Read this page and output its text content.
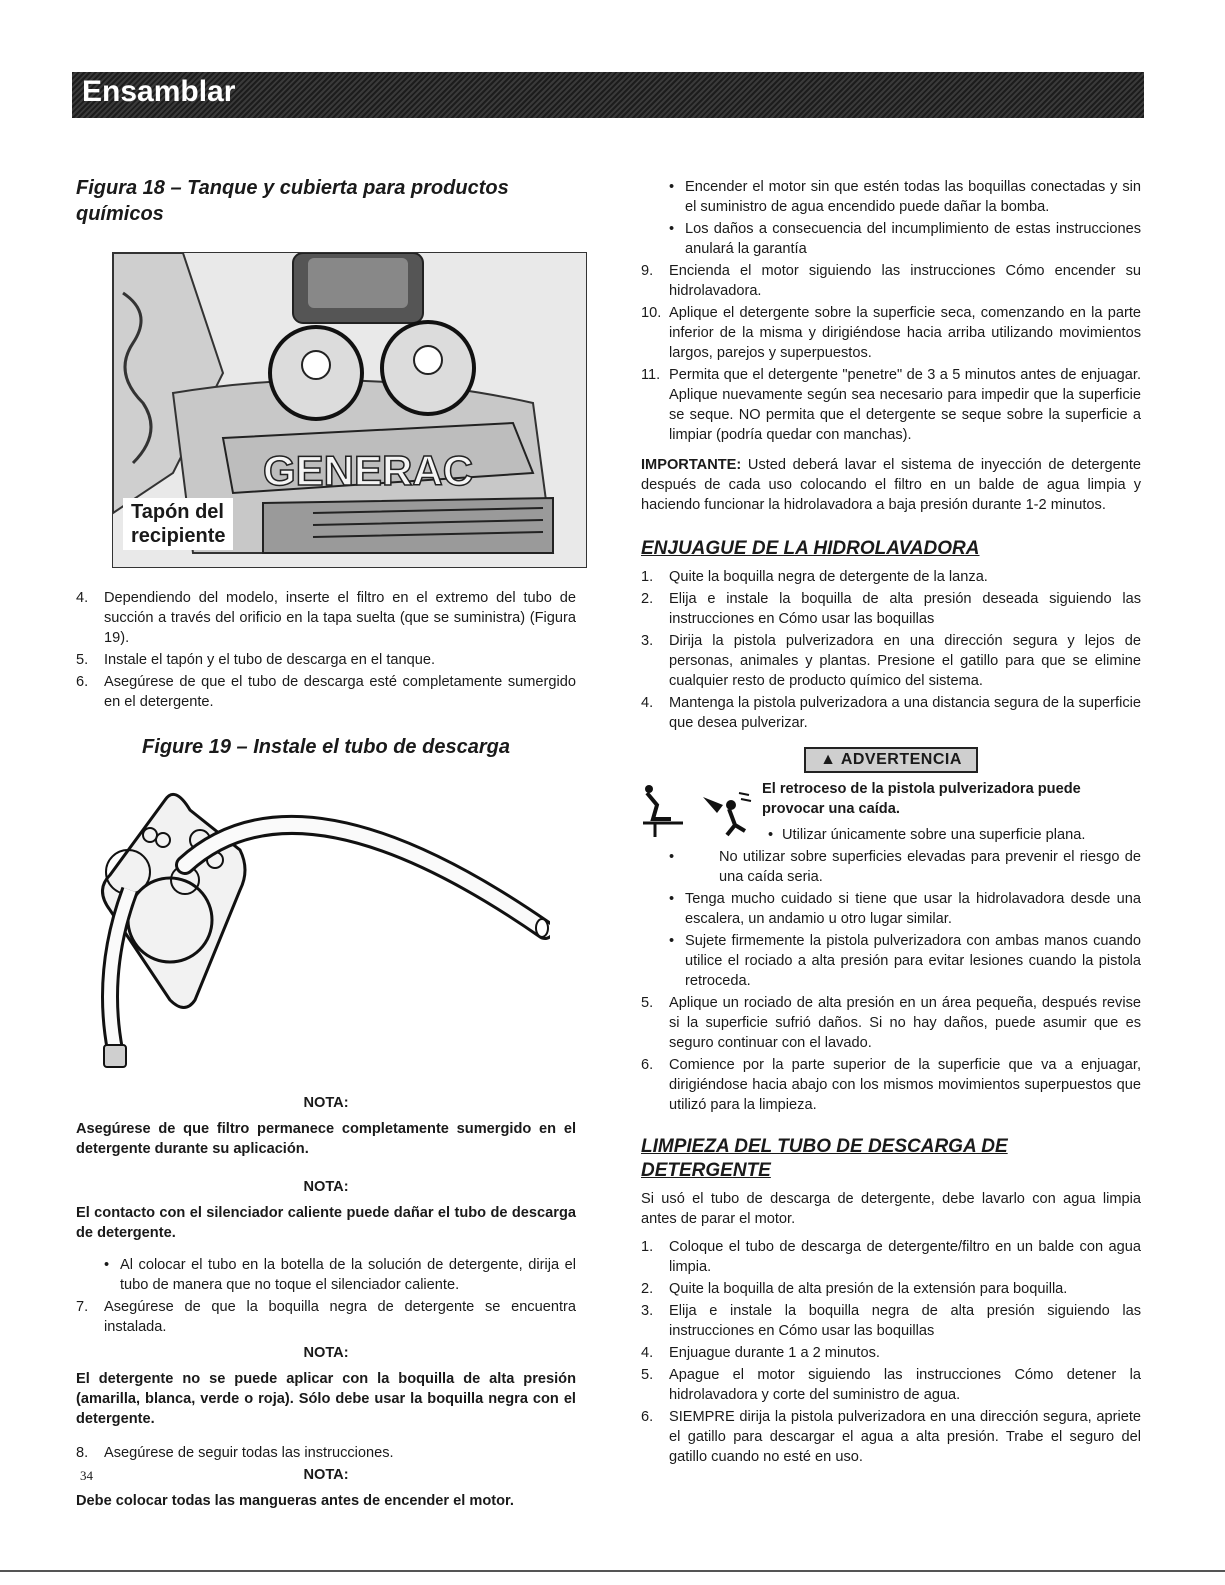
Ensamblar

Figura 18 – Tanque y cubierta para productos químicos

GENERAC
Tapón del
recipiente
4.	Dependiendo del modelo, inserte el filtro en el extremo del tubo de succión a través del orificio en la tapa suelta (que se suministra) (Figura 19).
5.	Instale el tapón y el tubo de descarga en el tanque.
6.	Asegúrese de que el tubo de descarga esté completamente sumergido en el detergente.

Figure 19 – Instale el tubo de descarga

NOTA:

Asegúrese de que filtro permanece completamente sumergido en el detergente durante su aplicación.

NOTA:

El contacto con el silenciador caliente puede dañar el tubo de descarga de detergente.

• Al colocar el tubo en la botella de la solución de detergente, dirija el tubo de manera que no toque el silenciador caliente.
7.	Asegúrese de que la boquilla negra de detergente se encuentra instalada.
NOTA:

El detergente no se puede aplicar con la boquilla de alta presión (amarilla, blanca, verde o roja). Sólo debe usar la boquilla negra con el detergente.

8.	Asegúrese de seguir todas las instrucciones.
NOTA:

Debe colocar todas las mangueras antes de encender el motor.

• Encender el motor sin que estén todas las boquillas conectadas y sin el suministro de agua encendido puede dañar la bomba.
• Los daños a consecuencia del incumplimiento de estas instrucciones anulará la garantía
9.	Encienda el motor siguiendo las instrucciones Cómo encender su hidrolavadora.
10. Aplique el detergente sobre la superficie seca, comenzando en la parte inferior de la misma y dirigiéndose hacia arriba utilizando movimientos largos, parejos y superpuestos.
11. Permita que el detergente "penetre" de 3 a 5 minutos antes de enjuagar. Aplique nuevamente según sea necesario para impedir que la superficie se seque. NO permita que el detergente se seque sobre la superficie a limpiar (podría quedar con manchas).

IMPORTANTE: Usted deberá lavar el sistema de inyección de detergente después de cada uso colocando el filtro en un balde de agua limpia y haciendo funcionar la hidrolavadora a baja presión durante 1-2 minutos.

ENJUAGUE DE LA HIDROLAVADORA
1.	Quite la boquilla negra de detergente de la lanza.
2.	Elija e instale la boquilla de alta presión deseada siguiendo las instrucciones en Cómo usar las boquillas
3.	Dirija la pistola pulverizadora en una dirección segura y lejos de personas, animales y plantas. Presione el gatillo para que se elimine cualquier resto de producto químico del sistema.
4.	Mantenga la pistola pulverizadora a una distancia segura de la superficie que desea pulverizar.
▲ ADVERTENCIA
El retroceso de la pistola pulverizadora puede provocar una caída.
• Utilizar únicamente sobre una superficie plana.
• No utilizar sobre superficies elevadas para prevenir el riesgo de una caída seria.
• Tenga mucho cuidado si tiene que usar la hidrolavadora desde una escalera, un andamio u otro lugar similar.
• Sujete firmemente la pistola pulverizadora con ambas manos cuando utilice el rociado a alta presión para evitar lesiones cuando la pistola retroceda.
5.	Aplique un rociado de alta presión en un área pequeña, después revise si la superficie sufrió daños. Si no hay daños, puede asumir que es seguro continuar con el lavado.
6.	Comience por la parte superior de la superficie que va a enjuagar, dirigiéndose hacia abajo con los mismos movimientos superpuestos que utilizó para la limpieza.
LIMPIEZA DEL TUBO DE DESCARGA DE DETERGENTE

Si usó el tubo de descarga de detergente, debe lavarlo con agua limpia antes de parar el motor.

1.	Coloque el tubo de descarga de detergente/filtro en un balde con agua limpia.
2.	Quite la boquilla de alta presión de la extensión para boquilla.
3.	Elija e instale la boquilla negra de alta presión siguiendo las instrucciones en Cómo usar las boquillas
4.	Enjuague durante 1 a 2 minutos.
5.	Apague el motor siguiendo las instrucciones Cómo detener la hidrolavadora y corte del suministro de agua.
6.	SIEMPRE dirija la pistola pulverizadora en una dirección segura, apriete el gatillo para descargar el agua a alta presión. Trabe el seguro del gatillo cuando no esté en uso.
34
